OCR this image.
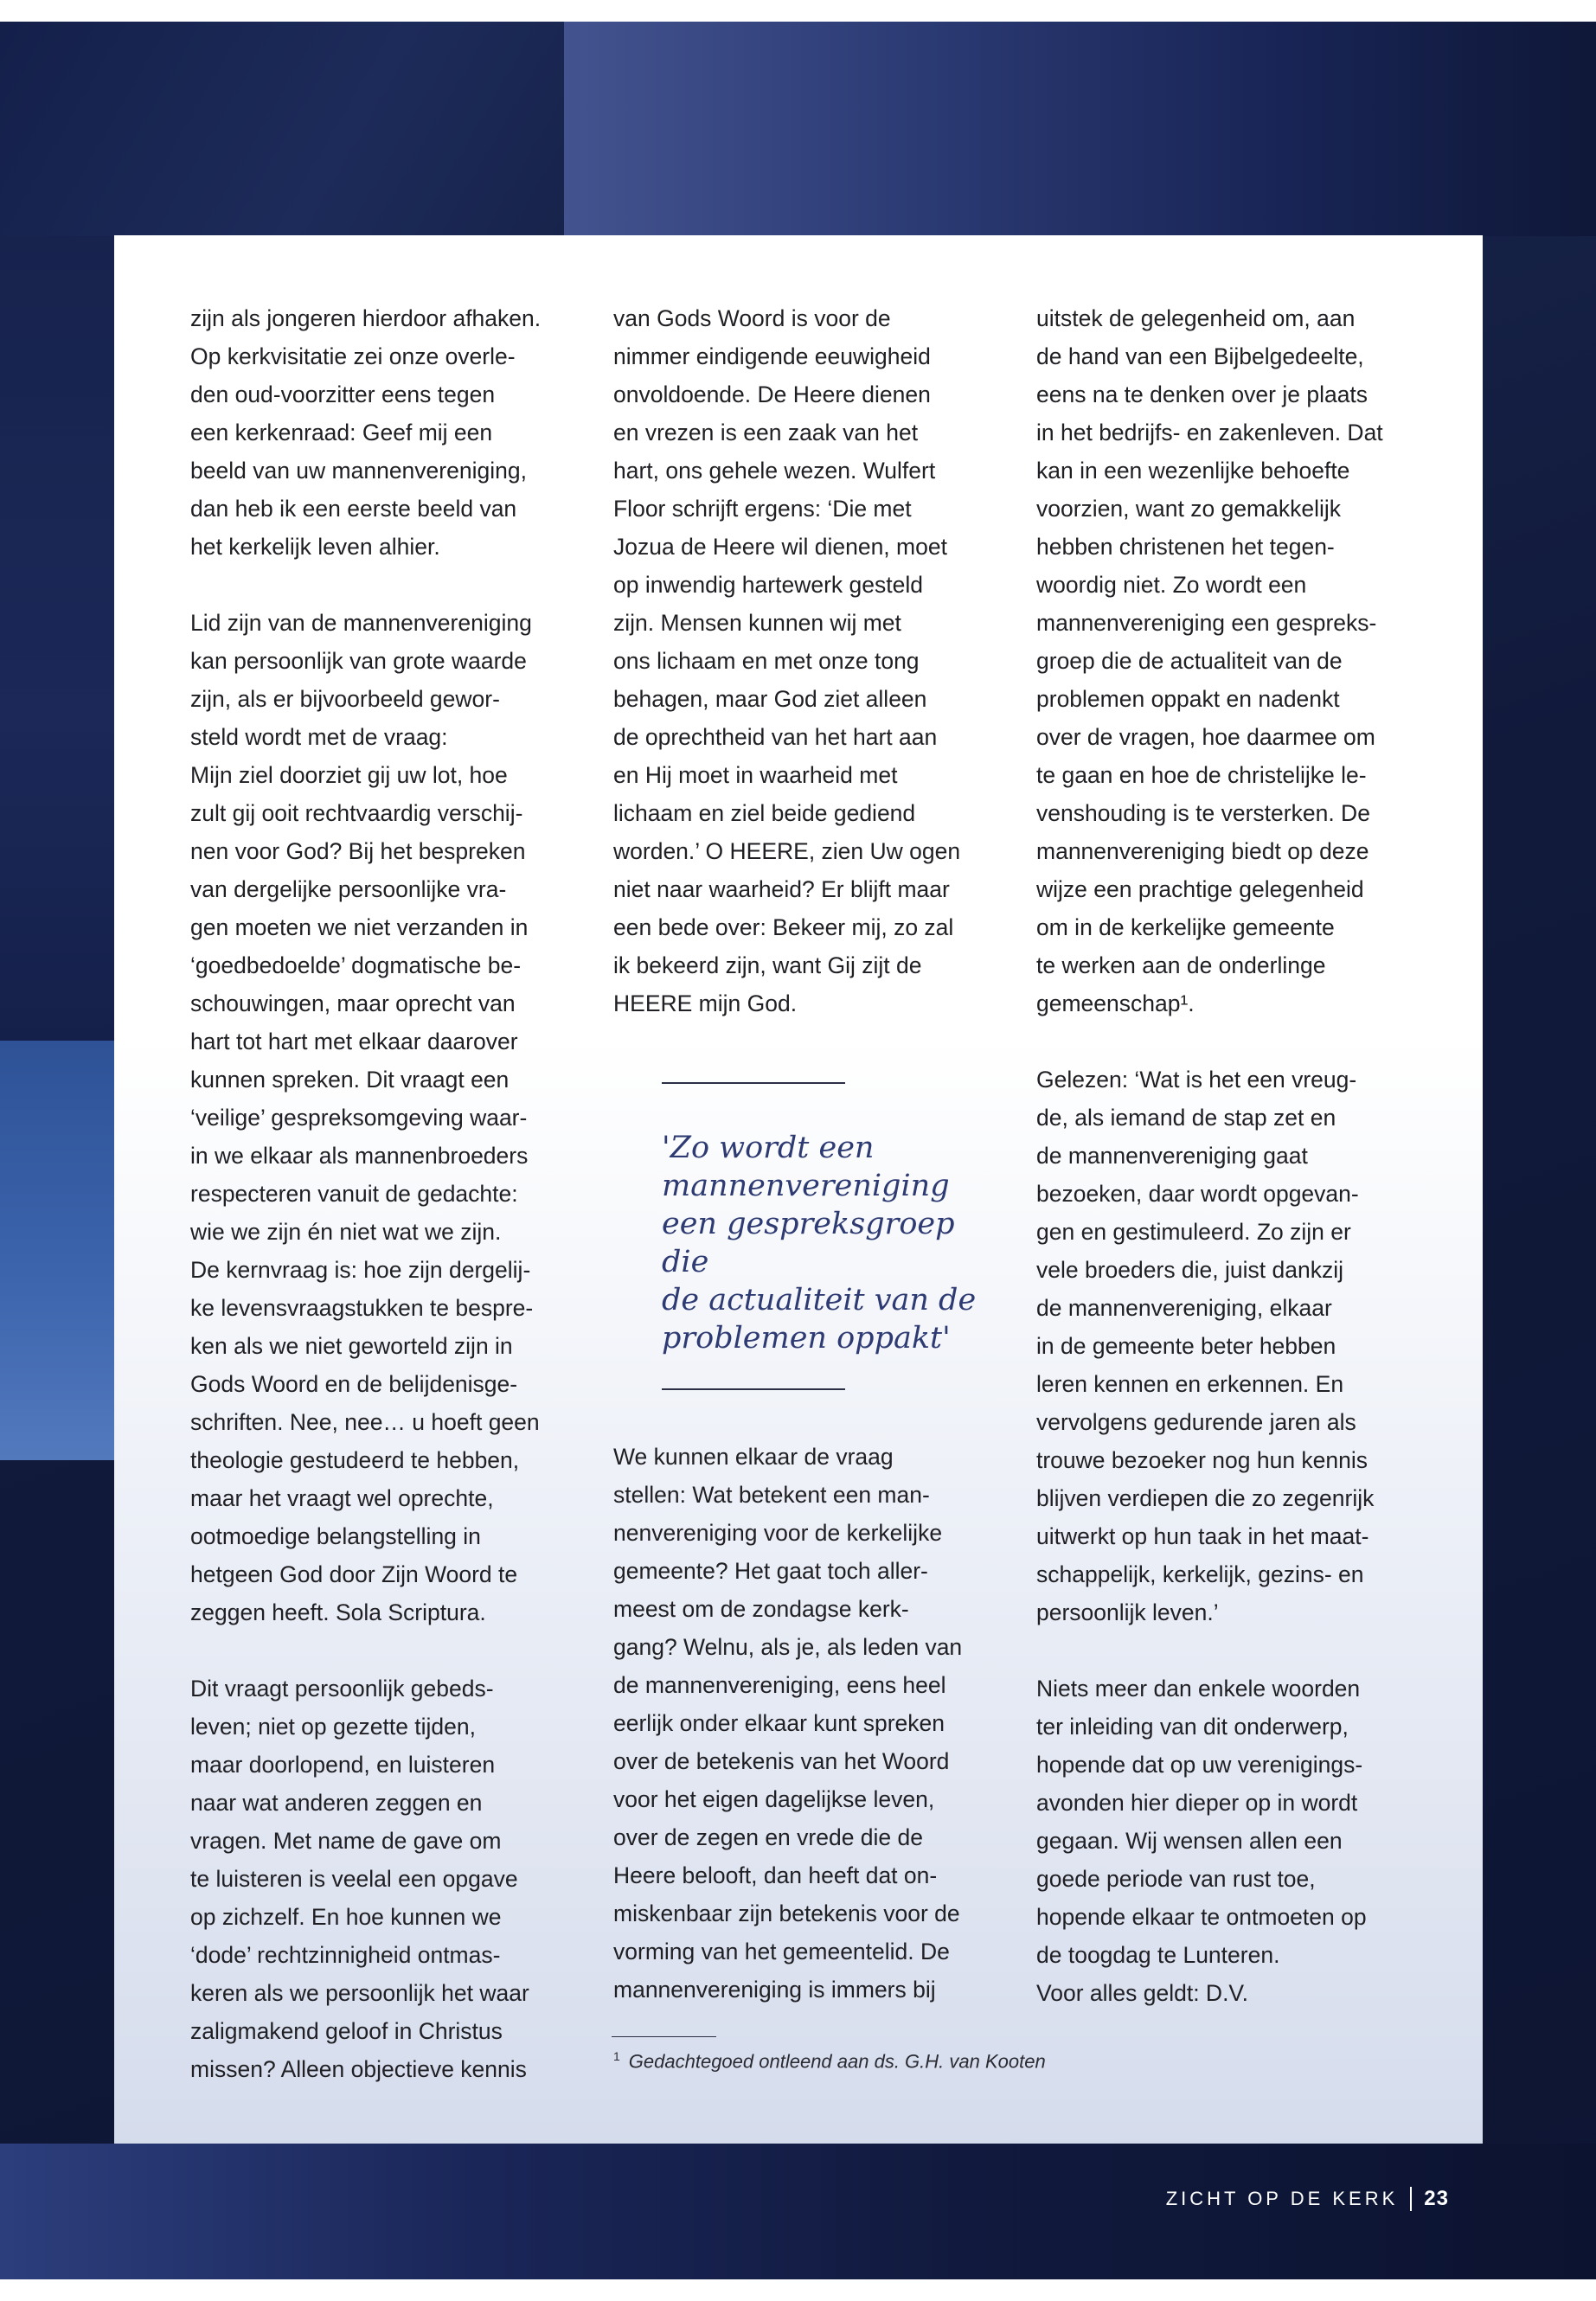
zijn als jongeren hierdoor afhaken.
Op kerkvisitatie zei onze overle-
den oud-voorzitter eens tegen
een kerkenraad: Geef mij een
beeld van uw mannenvereniging,
dan heb ik een eerste beeld van
het kerkelijk leven alhier.

Lid zijn van de mannenvereniging
kan persoonlijk van grote waarde
zijn, als er bijvoorbeeld gewor-
steld wordt met de vraag:
Mijn ziel doorziet gij uw lot, hoe
zult gij ooit rechtvaardig verschij-
nen voor God? Bij het bespreken
van dergelijke persoonlijke vra-
gen moeten we niet verzanden in
‘goedbedoelde’ dogmatische be-
schouwingen, maar oprecht van
hart tot hart met elkaar daarover
kunnen spreken. Dit vraagt een
‘veilige’ gespreksomgeving waar-
in we elkaar als mannenbroeders
respecteren vanuit de gedachte:
wie we zijn én niet wat we zijn.
De kernvraag is: hoe zijn dergelij-
ke levensvraagstukken te bespre-
ken als we niet geworteld zijn in
Gods Woord en de belijdenisge-
schriften. Nee, nee… u hoeft geen
theologie gestudeerd te hebben,
maar het vraagt wel oprechte,
ootmoedige belangstelling in
hetgeen God door Zijn Woord te
zeggen heeft. Sola Scriptura.

Dit vraagt persoonlijk gebeds-
leven; niet op gezette tijden,
maar doorlopend, en luisteren
naar wat anderen zeggen en
vragen. Met name de gave om
te luisteren is veelal een opgave
op zichzelf. En hoe kunnen we
‘dode’ rechtzinnigheid ontmas-
keren als we persoonlijk het waar
zaligmakend geloof in Christus
missen? Alleen objectieve kennis

van Gods Woord is voor de
nimmer eindigende eeuwigheid
onvoldoende. De Heere dienen
en vrezen is een zaak van het
hart, ons gehele wezen. Wulfert
Floor schrijft ergens: ‘Die met
Jozua de Heere wil dienen, moet
op inwendig hartewerk gesteld
zijn. Mensen kunnen wij met
ons lichaam en met onze tong
behagen, maar God ziet alleen
de oprechtheid van het hart aan
en Hij moet in waarheid met
lichaam en ziel beide gediend
worden.’ O HEERE, zien Uw ogen
niet naar waarheid? Er blijft maar
een bede over: Bekeer mij, zo zal
ik bekeerd zijn, want Gij zijt de
HEERE mijn God.

'Zo wordt een
mannenvereniging
een gespreksgroep die
de actualiteit van de
problemen oppakt'
We kunnen elkaar de vraag
stellen: Wat betekent een man-
nenvereniging voor de kerkelijke
gemeente? Het gaat toch aller-
meest om de zondagse kerk-
gang? Welnu, als je, als leden van
de mannenvereniging, eens heel
eerlijk onder elkaar kunt spreken
over de betekenis van het Woord
voor het eigen dagelijkse leven,
over de zegen en vrede die de
Heere belooft, dan heeft dat on-
miskenbaar zijn betekenis voor de
vorming van het gemeentelid. De
mannenvereniging is immers bij

uitstek de gelegenheid om, aan
de hand van een Bijbelgedeelte,
eens na te denken over je plaats
in het bedrijfs- en zakenleven. Dat
kan in een wezenlijke behoefte
voorzien, want zo gemakkelijk
hebben christenen het tegen-
woordig niet. Zo wordt een
mannenvereniging een gespreks-
groep die de actualiteit van de
problemen oppakt en nadenkt
over de vragen, hoe daarmee om
te gaan en hoe de christelijke le-
venshouding is te versterken. De
mannenvereniging biedt op deze
wijze een prachtige gelegenheid
om in de kerkelijke gemeente
te werken aan de onderlinge
gemeenschap¹.

Gelezen: ‘Wat is het een vreug-
de, als iemand de stap zet en
de mannenvereniging gaat
bezoeken, daar wordt opgevan-
gen en gestimuleerd. Zo zijn er
vele broeders die, juist dankzij
de mannenvereniging, elkaar
in de gemeente beter hebben
leren kennen en erkennen. En
vervolgens gedurende jaren als
trouwe bezoeker nog hun kennis
blijven verdiepen die zo zegenrijk
uitwerkt op hun taak in het maat-
schappelijk, kerkelijk, gezins- en
persoonlijk leven.’

Niets meer dan enkele woorden
ter inleiding van dit onderwerp,
hopende dat op uw verenigings-
avonden hier dieper op in wordt
gegaan. Wij wensen allen een
goede periode van rust toe,
hopende elkaar te ontmoeten op
de toogdag te Lunteren.
Voor alles geldt: D.V.

$^1$ Gedachtegoed ontleend aan ds. G.H. van Kooten
ZICHT OP DE KERK 23
